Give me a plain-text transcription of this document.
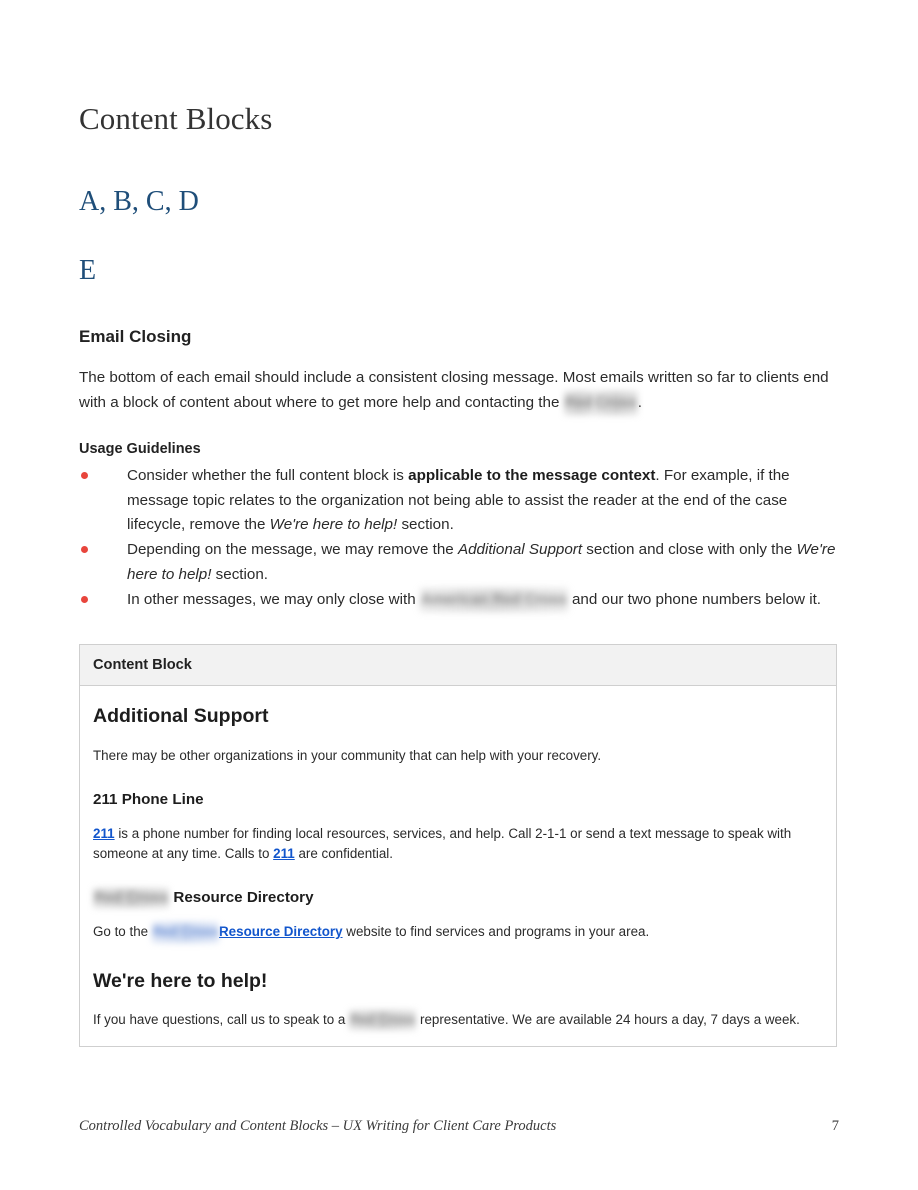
Content Blocks
A, B, C, D
E
Email Closing

The bottom of each email should include a consistent closing message. Most emails written so far to clients end with a block of content about where to get more help and contacting the Red Cross.

Usage Guidelines
Consider whether the full content block is applicable to the message context. For example, if the message topic relates to the organization not being able to assist the reader at the end of the case lifecycle, remove the We're here to help! section.
Depending on the message, we may remove the Additional Support section and close with only the We're here to help! section.
In other messages, we may only close with American Red Cross and our two phone numbers below it.
Content Block
Additional Support

There may be other organizations in your community that can help with your recovery.

211 Phone Line

211 is a phone number for finding local resources, services, and help. Call 2-1-1 or send a text message to speak with someone at any time. Calls to 211 are confidential.

Red Cross Resource Directory

Go to the Red CrossResource Directory website to find services and programs in your area.

We're here to help!

If you have questions, call us to speak to a Red Cross representative. We are available 24 hours a day, 7 days a week.

Controlled Vocabulary and Content Blocks – UX Writing for Client Care Products	7
